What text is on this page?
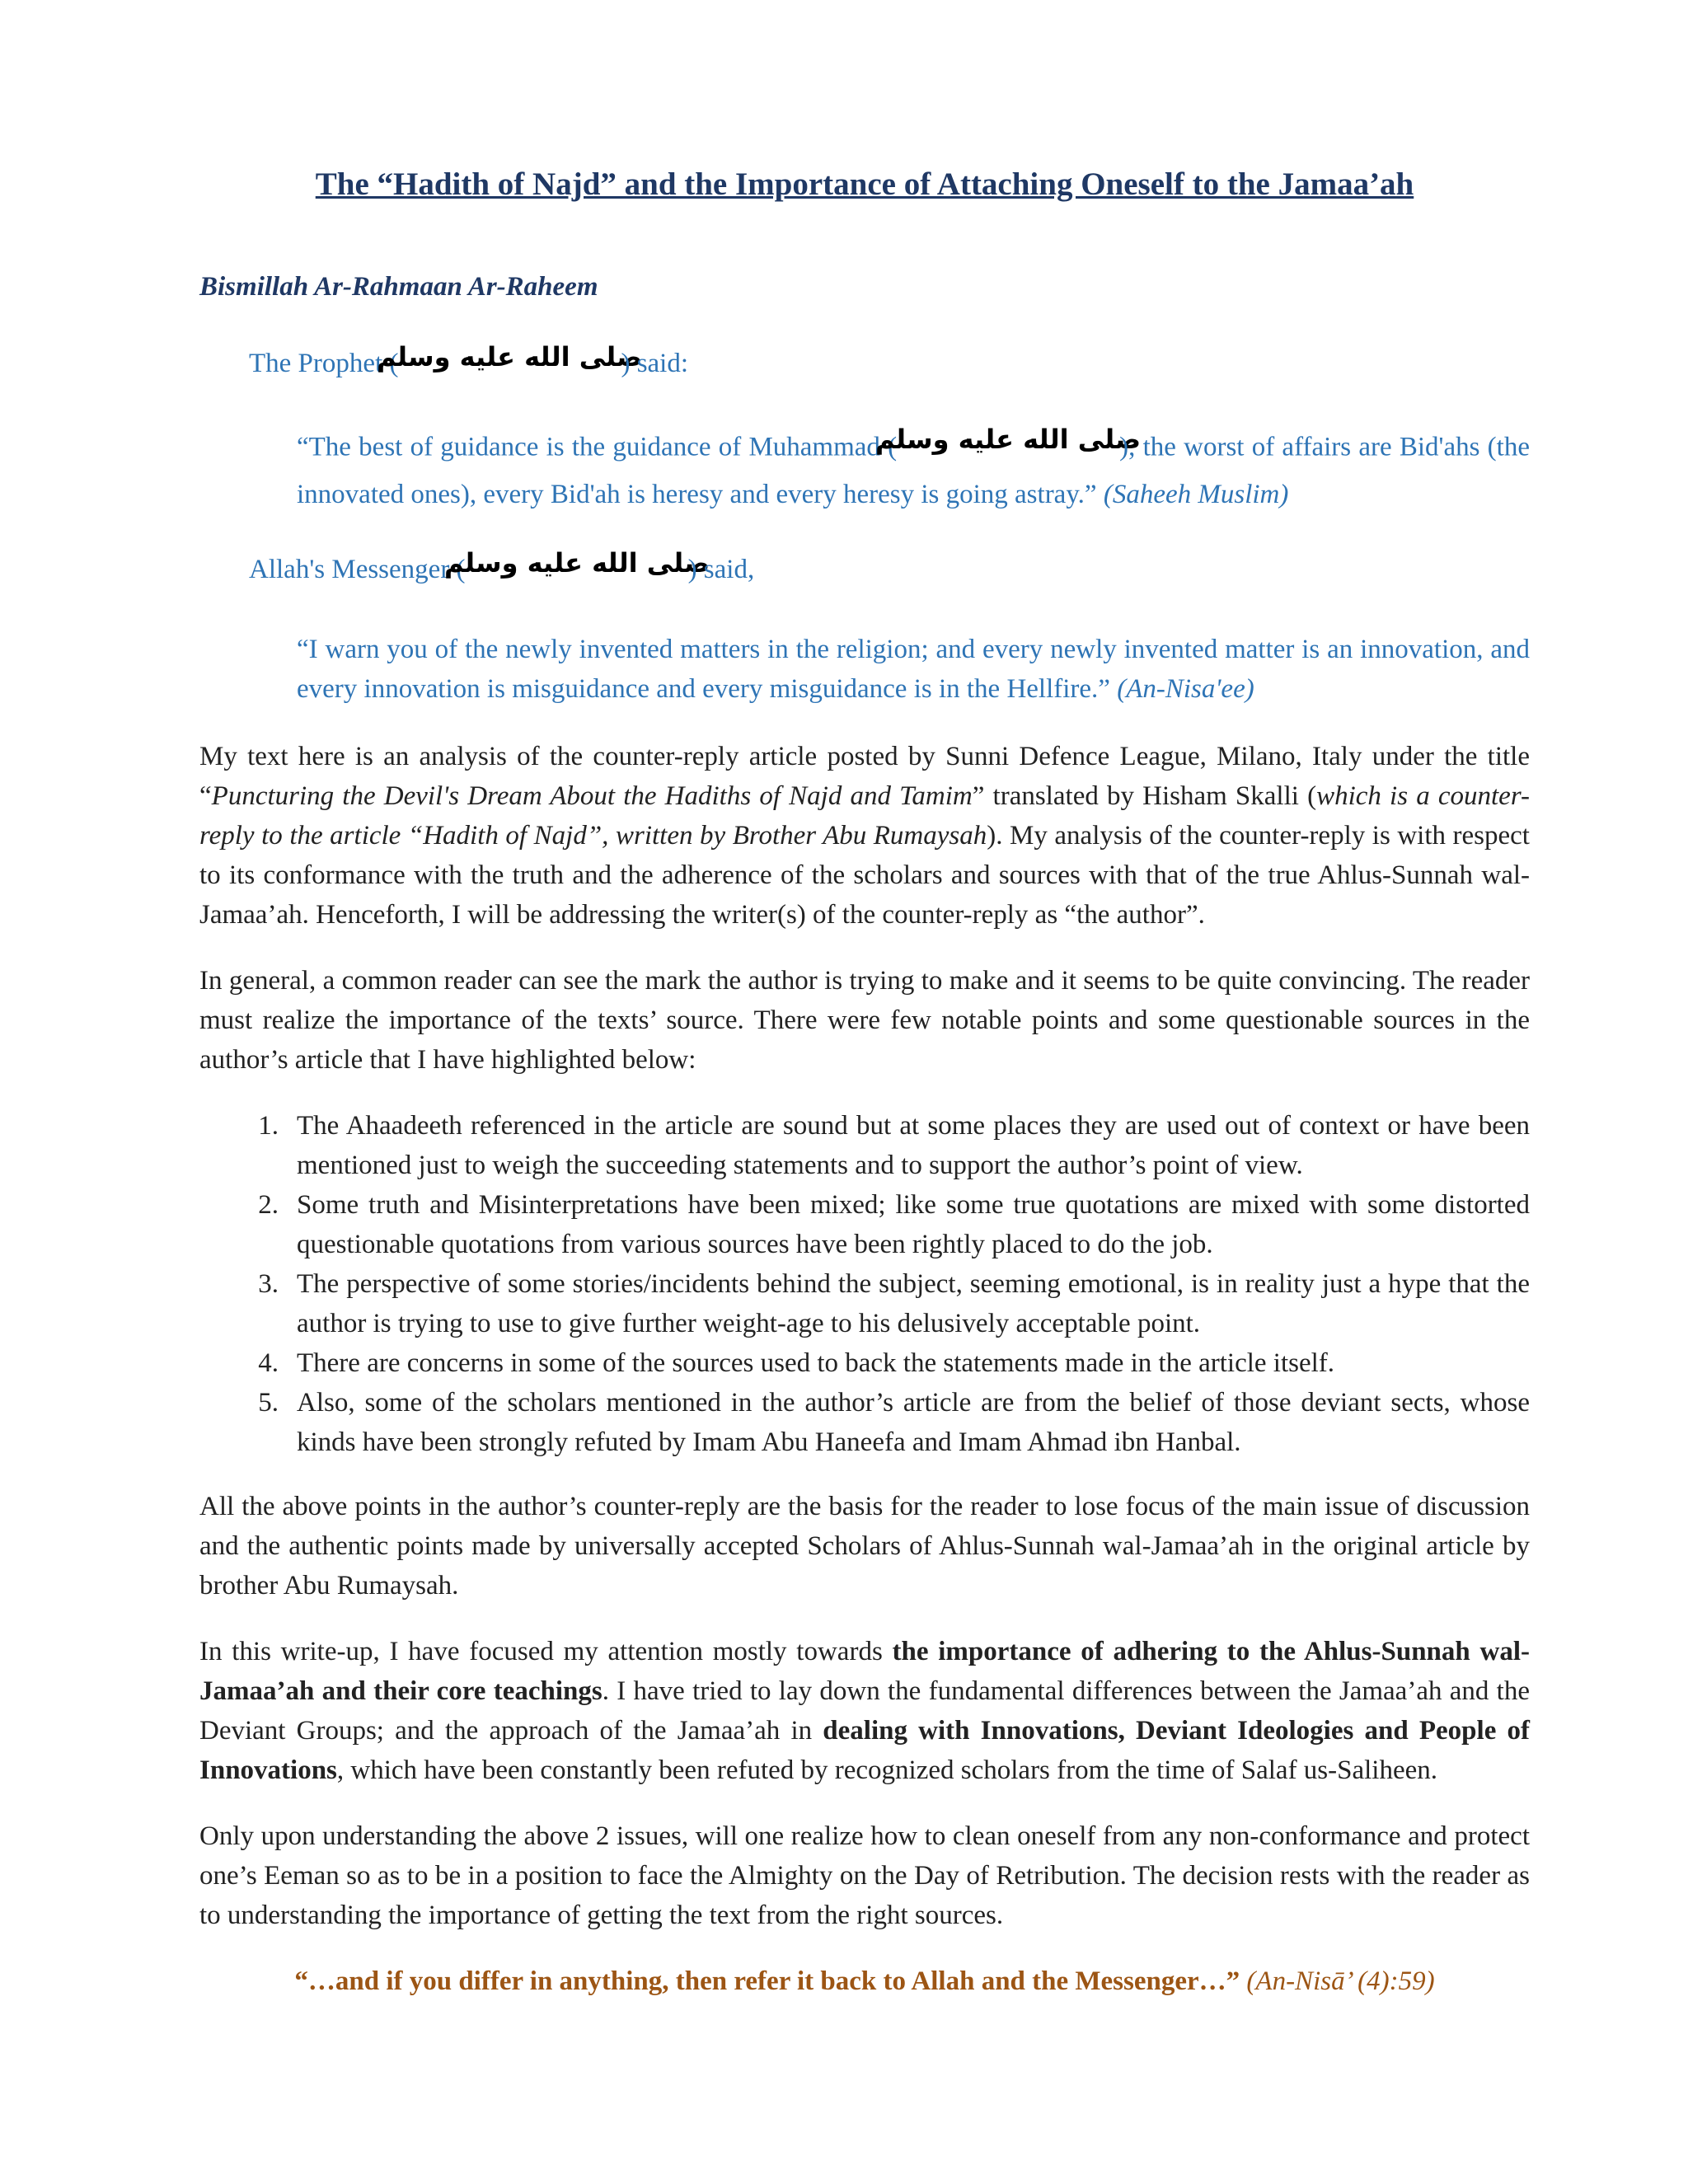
The “Hadith of Najd” and the Importance of Attaching Oneself to the Jamaa’ah

Bismillah Ar-Rahmaan Ar-Raheem

The Prophet (
صلى الله عليه وسلم
) said:

“The best of guidance is the guidance of Muhammad (
صلى الله عليه وسلم
), the worst of affairs are Bid'ahs (the innovated ones), every Bid'ah is heresy and every heresy is going astray.” (Saheeh Muslim)

Allah's Messenger (
صلى الله عليه وسلم
) said,

“I warn you of the newly invented matters in the religion; and every newly invented matter is an innovation, and every innovation is misguidance and every misguidance is in the Hellfire.” (An-Nisa'ee)

My text here is an analysis of the counter-reply article posted by Sunni Defence League, Milano, Italy under the title “Puncturing the Devil's Dream About the Hadiths of Najd and Tamim” translated by Hisham Skalli (which is a counter-reply to the article “Hadith of Najd”, written by Brother Abu Rumaysah). My analysis of the counter-reply is with respect to its conformance with the truth and the adherence of the scholars and sources with that of the true Ahlus-Sunnah wal-Jamaa’ah. Henceforth, I will be addressing the writer(s) of the counter-reply as “the author”.

In general, a common reader can see the mark the author is trying to make and it seems to be quite convincing. The reader must realize the importance of the texts’ source. There were few notable points and some questionable sources in the author’s article that I have highlighted below:

1. The Ahaadeeth referenced in the article are sound but at some places they are used out of context or have been mentioned just to weigh the succeeding statements and to support the author’s point of view.
2. Some truth and Misinterpretations have been mixed; like some true quotations are mixed with some distorted questionable quotations from various sources have been rightly placed to do the job.
3. The perspective of some stories/incidents behind the subject, seeming emotional, is in reality just a hype that the author is trying to use to give further weight-age to his delusively acceptable point.
4. There are concerns in some of the sources used to back the statements made in the article itself.
5. Also, some of the scholars mentioned in the author’s article are from the belief of those deviant sects, whose kinds have been strongly refuted by Imam Abu Haneefa and Imam Ahmad ibn Hanbal.

All the above points in the author’s counter-reply are the basis for the reader to lose focus of the main issue of discussion and the authentic points made by universally accepted Scholars of Ahlus-Sunnah wal-Jamaa’ah in the original article by brother Abu Rumaysah.

In this write-up, I have focused my attention mostly towards the importance of adhering to the Ahlus-Sunnah wal-Jamaa’ah and their core teachings. I have tried to lay down the fundamental differences between the Jamaa’ah and the Deviant Groups; and the approach of the Jamaa’ah in dealing with Innovations, Deviant Ideologies and People of Innovations, which have been constantly been refuted by recognized scholars from the time of Salaf us-Saliheen.

Only upon understanding the above 2 issues, will one realize how to clean oneself from any non-conformance and protect one’s Eeman so as to be in a position to face the Almighty on the Day of Retribution. The decision rests with the reader as to understanding the importance of getting the text from the right sources.

“…and if you differ in anything, then refer it back to Allah and the Messenger…” (An-Nisā’ (4):59)
